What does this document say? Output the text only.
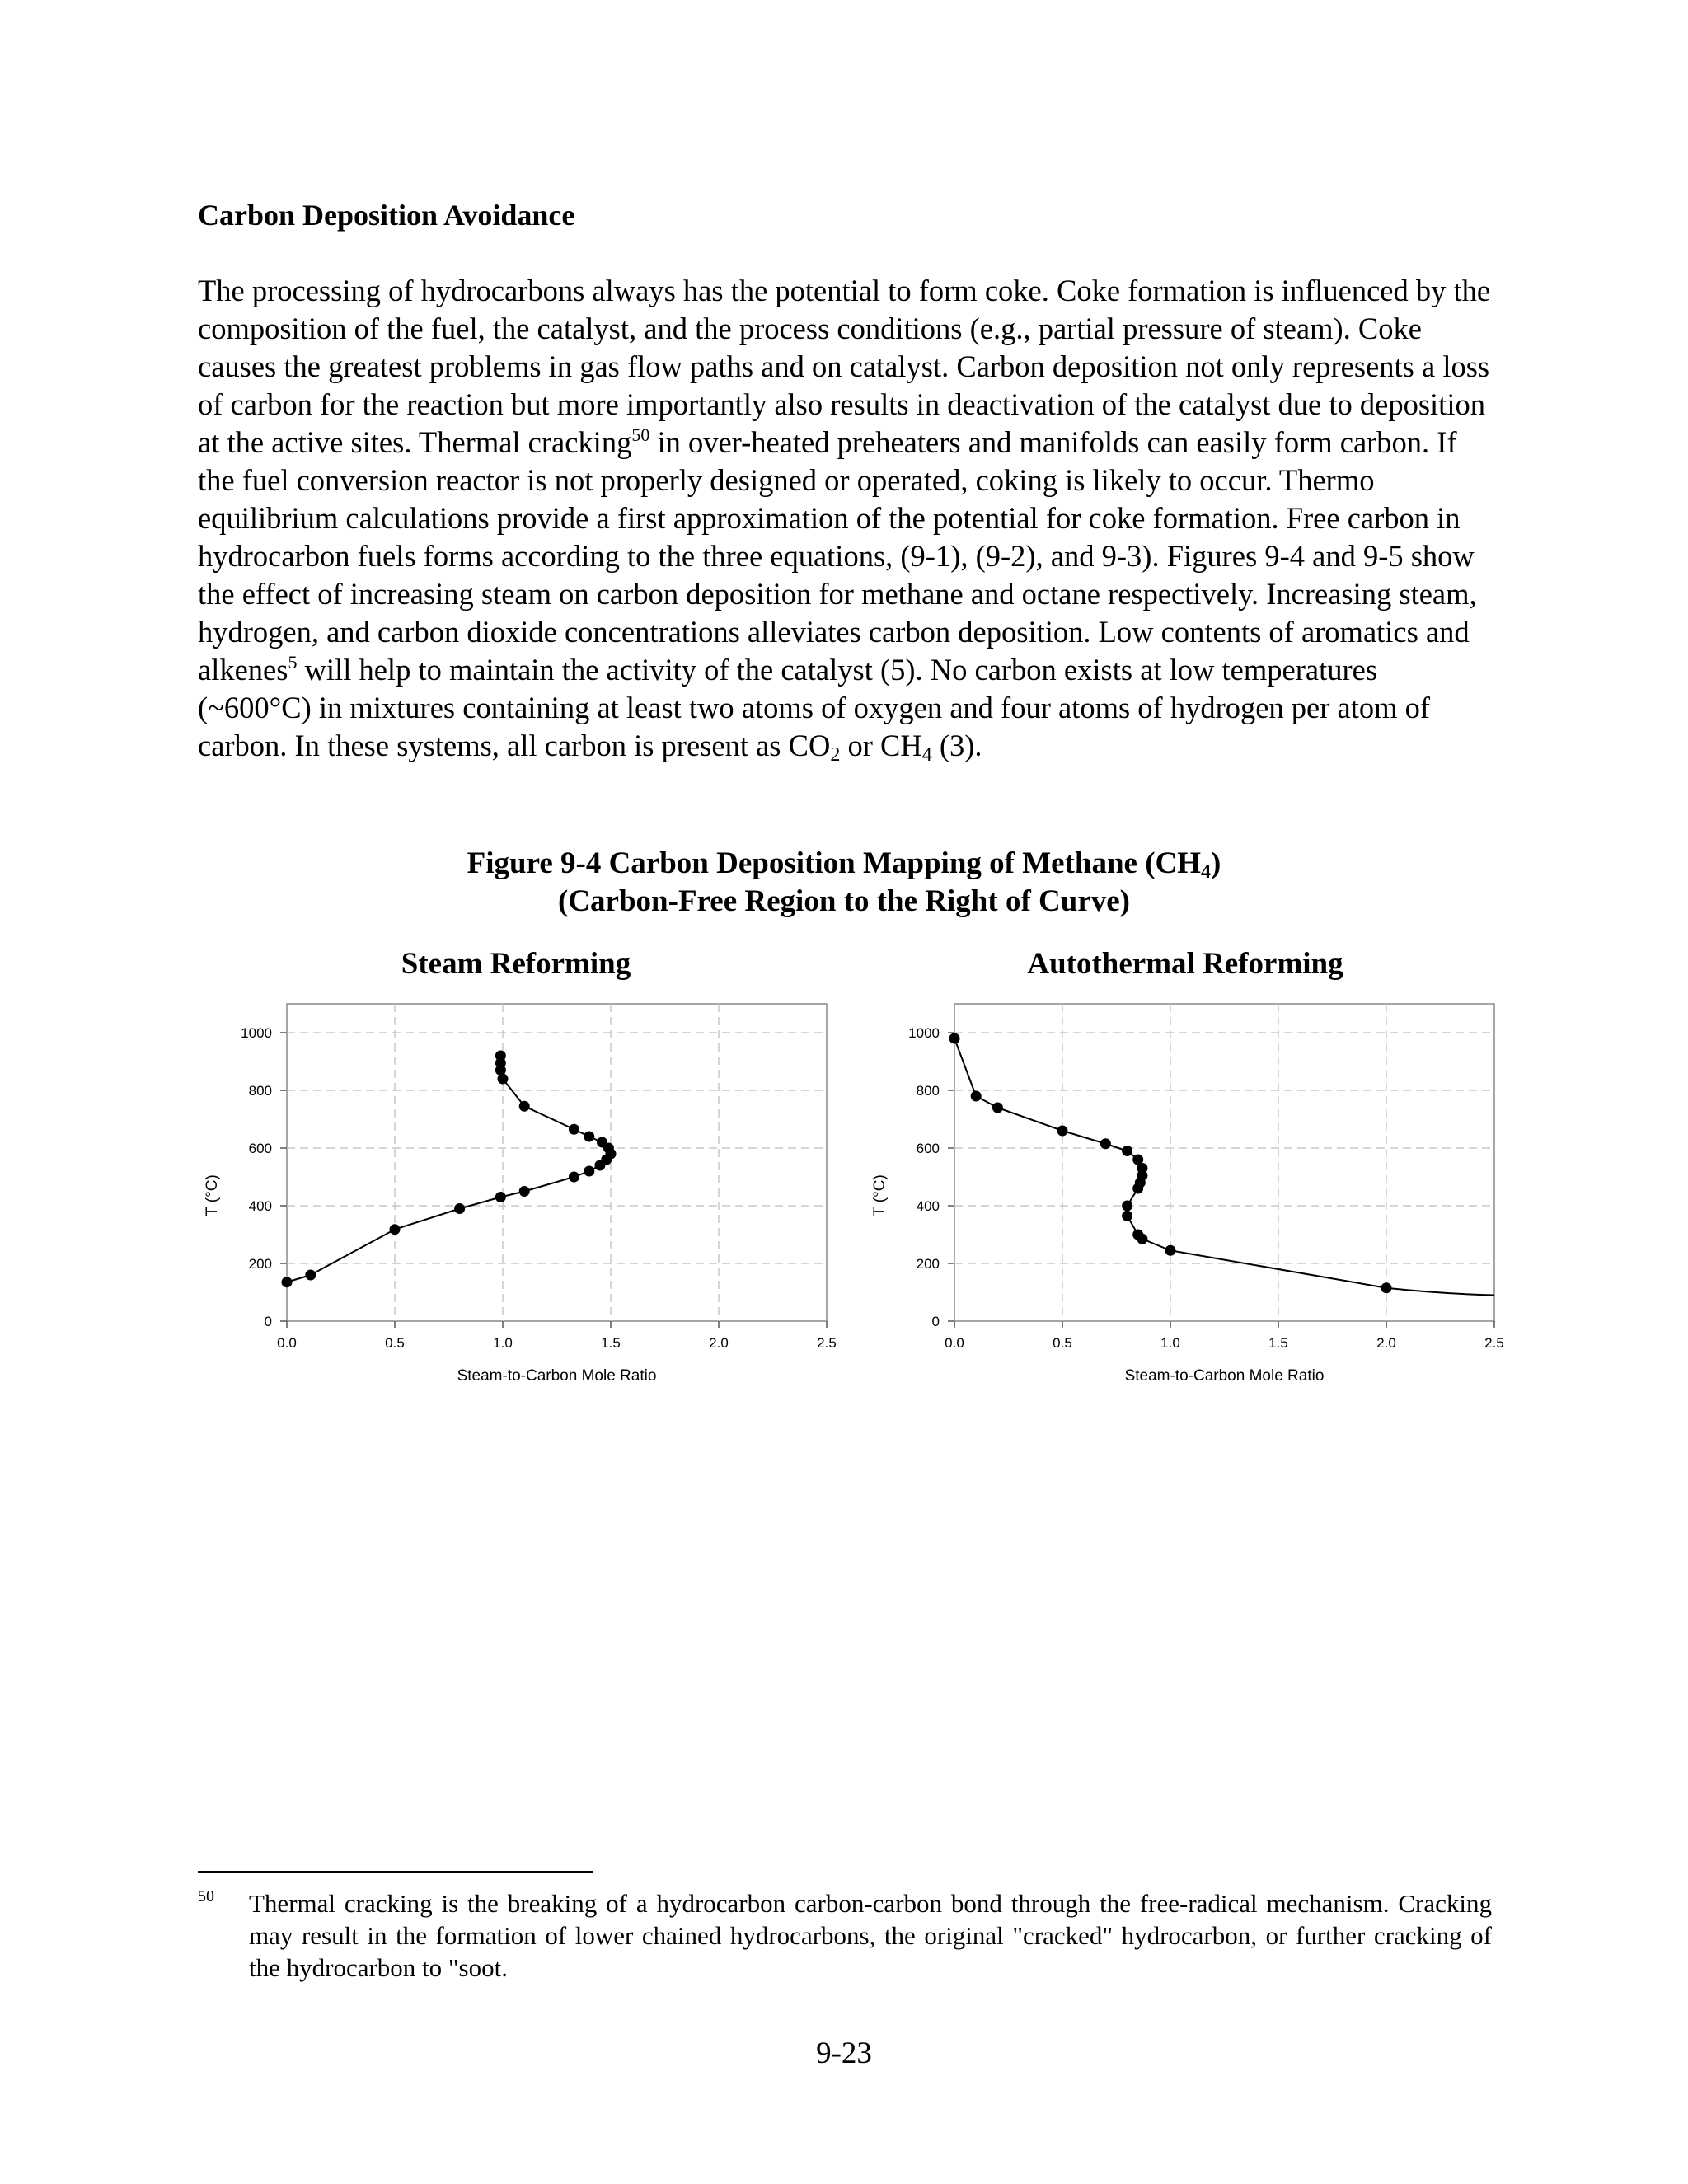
Carbon Deposition Avoidance

The processing of hydrocarbons always has the potential to form coke. Coke formation is influenced by the composition of the fuel, the catalyst, and the process conditions (e.g., partial pressure of steam). Coke causes the greatest problems in gas flow paths and on catalyst. Carbon deposition not only represents a loss of carbon for the reaction but more importantly also results in deactivation of the catalyst due to deposition at the active sites. Thermal cracking$^{50}$ in over-heated preheaters and manifolds can easily form carbon. If the fuel conversion reactor is not properly designed or operated, coking is likely to occur. Thermo equilibrium calculations provide a first approximation of the potential for coke formation. Free carbon in hydrocarbon fuels forms according to the three equations, (9-1), (9-2), and 9-3). Figures 9-4 and 9-5 show the effect of increasing steam on carbon deposition for methane and octane respectively. Increasing steam, hydrogen, and carbon dioxide concentrations alleviates carbon deposition. Low contents of aromatics and alkenes$^5$ will help to maintain the activity of the catalyst (5). No carbon exists at low temperatures (~600°C) in mixtures containing at least two atoms of oxygen and four atoms of hydrogen per atom of carbon. In these systems, all carbon is present as $CO_2$ or $CH_4$ (3).

Figure 9-4 Carbon Deposition Mapping of Methane $(CH_4)$
(Carbon-Free Region to the Right of Curve)
Steam Reforming	Autothermal Reforming
0.0	0.5	1.0	1.5	2.0	2.5
0
200
400
600
800
1000
Steam-to-Carbon Mole Ratio
T (°C)
0.0	0.5	1.0	1.5	2.0	2.5
0
200
400
600
800
1000
Steam-to-Carbon Mole Ratio
T (°C)
50 Thermal cracking is the breaking of a hydrocarbon carbon-carbon bond through the free-radical mechanism. Cracking may result in the formation of lower chained hydrocarbons, the original "cracked" hydrocarbon, or further cracking of the hydrocarbon to "soot.
9-23
